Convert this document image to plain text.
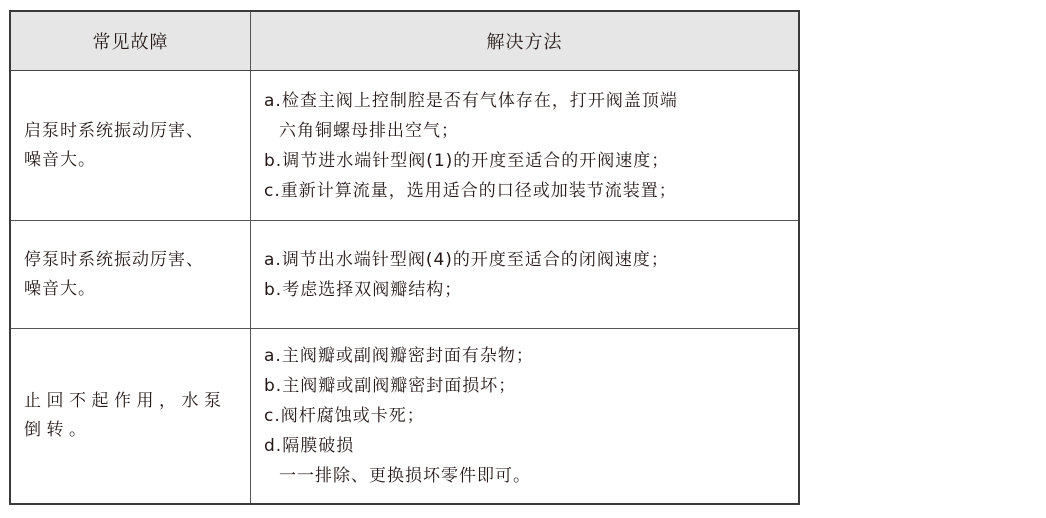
常见故障	解决方法
启泵时系统振动厉害、
噪音大。
a.检查主阀上控制腔是否有气体存在，打开阀盖顶端
六角铜螺母排出空气；
b.调节进水端针型阀(1)的开度至适合的开阀速度；
c.重新计算流量，选用适合的口径或加装节流装置；
停泵时系统振动厉害、
噪音大。
a.调节出水端针型阀(4)的开度至适合的闭阀速度；
b.考虑选择双阀瓣结构；
止回不起作用，水泵
倒转。
a.主阀瓣或副阀瓣密封面有杂物；
b.主阀瓣或副阀瓣密封面损坏；
c.阀杆腐蚀或卡死；
d.隔膜破损
一一排除、更换损坏零件即可。
